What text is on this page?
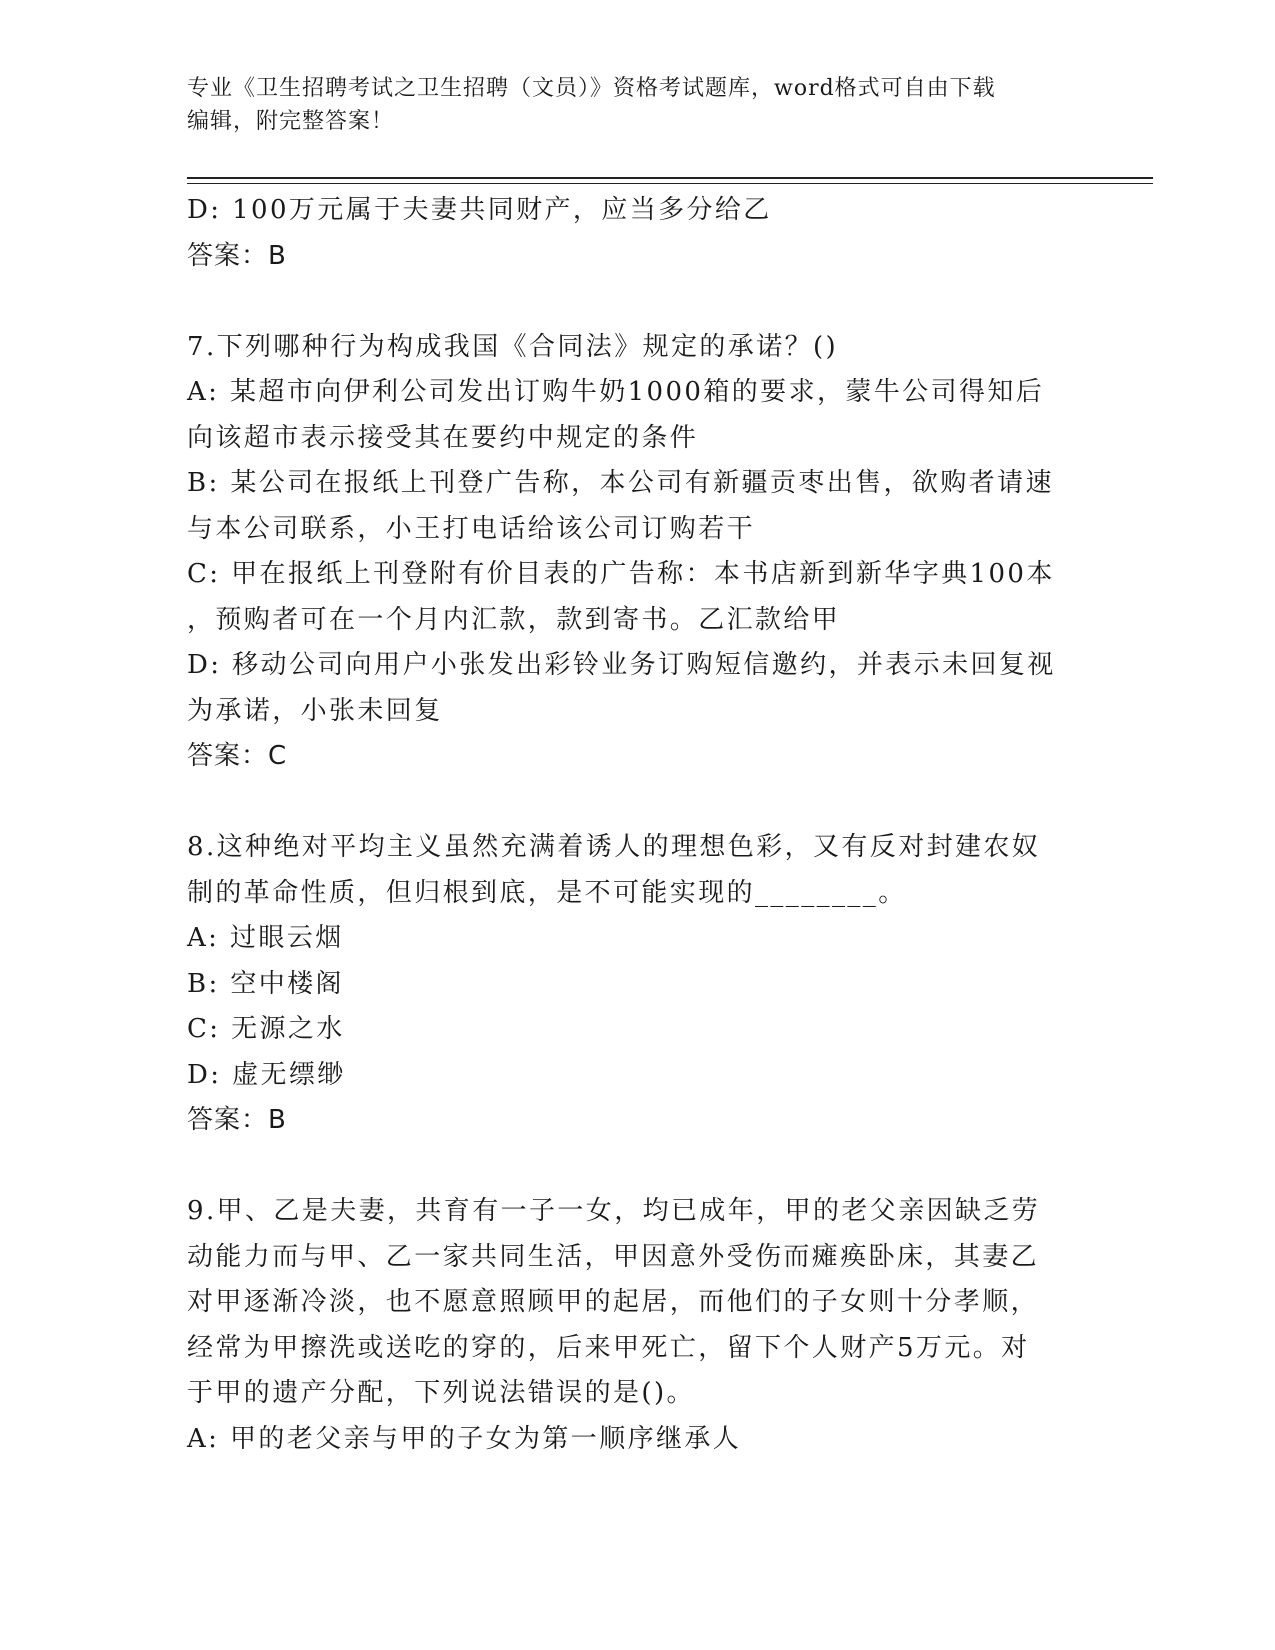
专业《卫生招聘考试之卫生招聘（文员）》资格考试题库，word格式可自由下载
编辑，附完整答案！
D: 100万元属于夫妻共同财产，应当多分给乙
答案：B
7.下列哪种行为构成我国《合同法》规定的承诺？()
A: 某超市向伊利公司发出订购牛奶1000箱的要求，蒙牛公司得知后
向该超市表示接受其在要约中规定的条件
B: 某公司在报纸上刊登广告称，本公司有新疆贡枣出售，欲购者请速
与本公司联系，小王打电话给该公司订购若干
C: 甲在报纸上刊登附有价目表的广告称：本书店新到新华字典100本
，预购者可在一个月内汇款，款到寄书。乙汇款给甲
D: 移动公司向用户小张发出彩铃业务订购短信邀约，并表示未回复视
为承诺，小张未回复
答案：C
8.这种绝对平均主义虽然充满着诱人的理想色彩，又有反对封建农奴
制的革命性质，但归根到底，是不可能实现的________。
A: 过眼云烟
B: 空中楼阁
C: 无源之水
D: 虚无缥缈
答案：B
9.甲、乙是夫妻，共育有一子一女，均已成年，甲的老父亲因缺乏劳
动能力而与甲、乙一家共同生活，甲因意外受伤而瘫痪卧床，其妻乙
对甲逐渐冷淡，也不愿意照顾甲的起居，而他们的子女则十分孝顺，
经常为甲擦洗或送吃的穿的，后来甲死亡，留下个人财产5万元。对
于甲的遗产分配，下列说法错误的是()。
A: 甲的老父亲与甲的子女为第一顺序继承人
